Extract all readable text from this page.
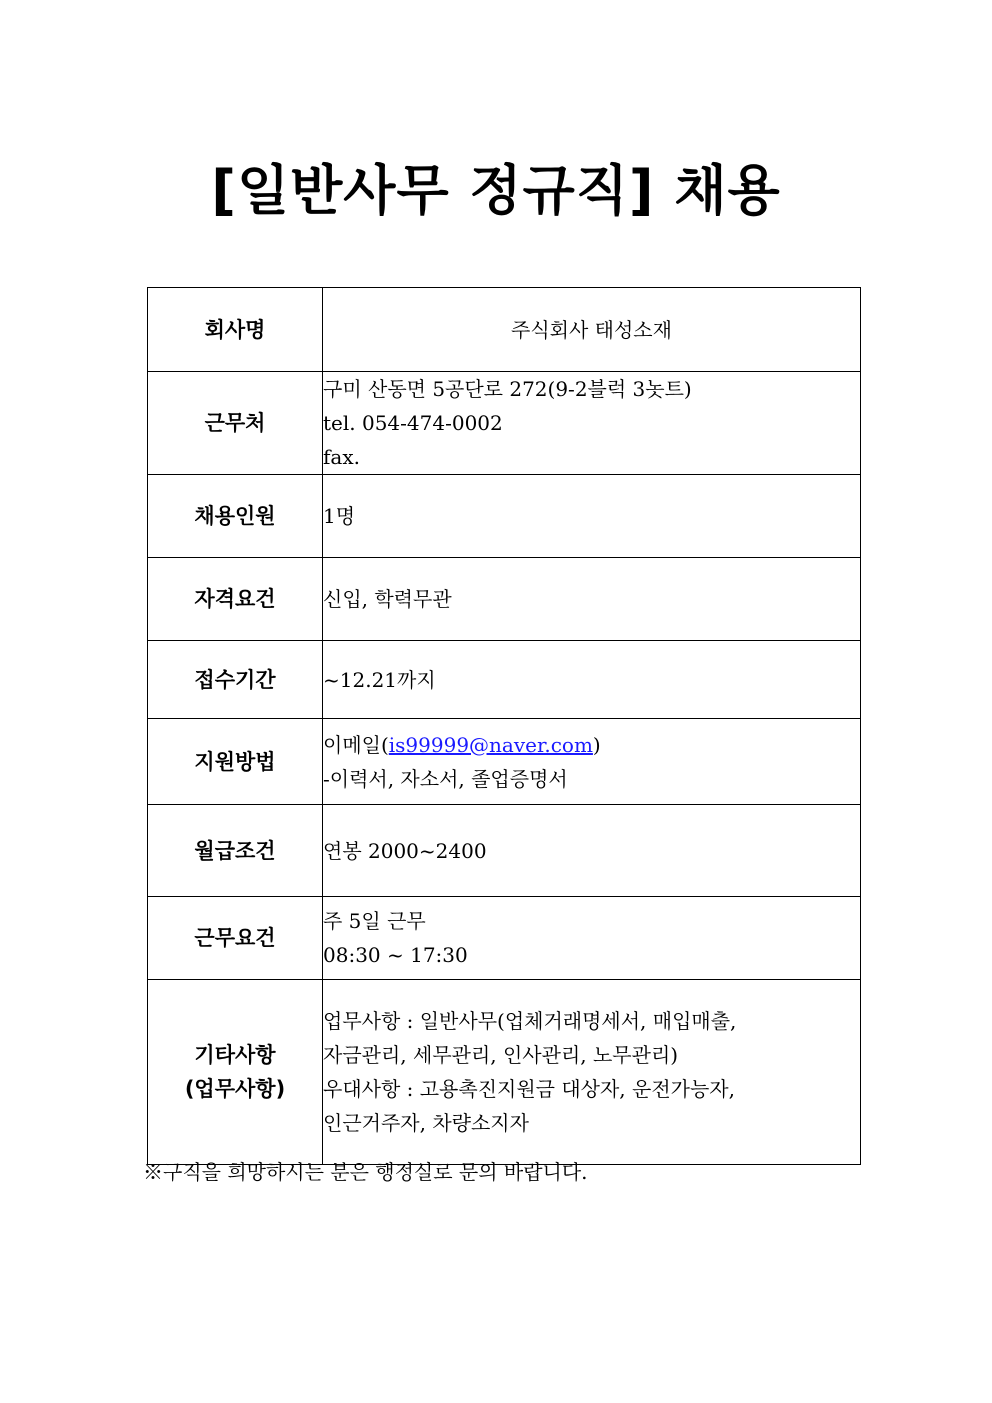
[일반사무 정규직] 채용
회사명	주식회사 태성소재

근무처	구미 산동면 5공단로 272(9-2블럭 3놋트)
tel. 054-474-0002
fax.

채용인원	1명

자격요건	신입, 학력무관

접수기간	~12.21까지

지원방법	이메일(is99999@naver.com)
-이력서, 자소서, 졸업증명서

월급조건	연봉 2000~2400

근무요건	주 5일 근무
08:30 ~ 17:30

기타사항
(업무사항)	업무사항 : 일반사무(업체거래명세서, 매입매출,
자금관리, 세무관리, 인사관리, 노무관리)
우대사항 : 고용촉진지원금 대상자, 운전가능자,
인근거주자, 차량소지자
※구직을 희망하시는 분은 행정실로 문의 바랍니다.
